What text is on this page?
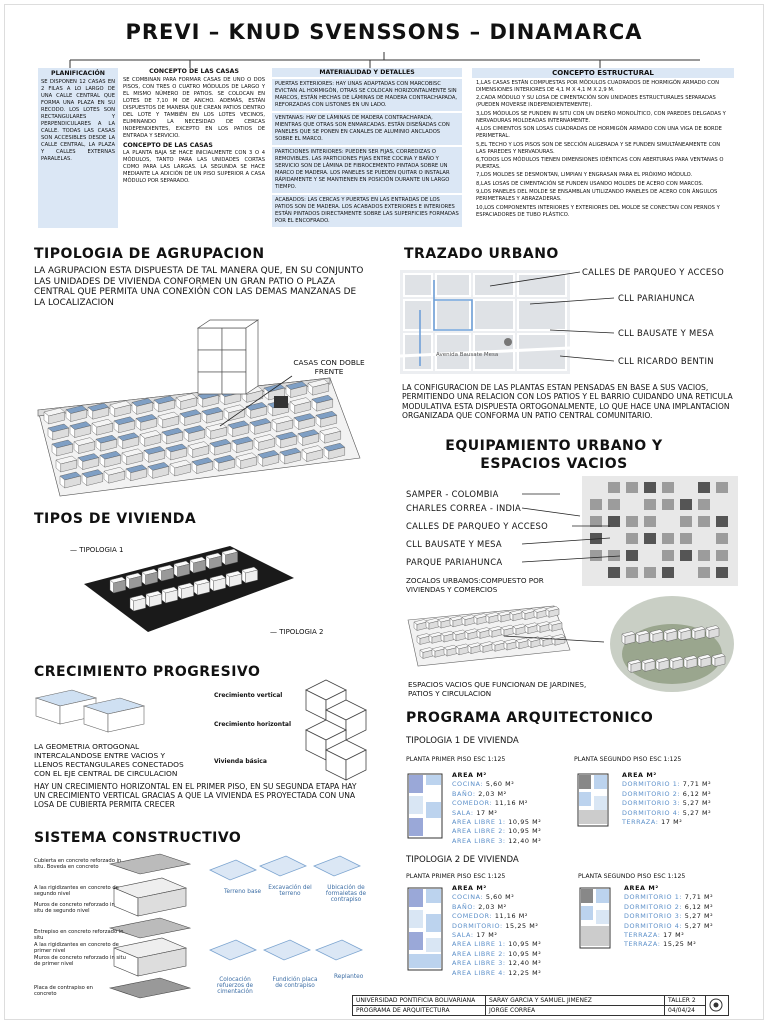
PREVI – KNUD SVENSSONS – DINAMARCA
PLANIFICACIÓN
SE DISPONEN 12 CASAS EN 2 FILAS A LO LARGO DE UNA CALLE CENTRAL QUE FORMA UNA PLAZA EN SU RECODO. LOS LOTES SON RECTANGULARES Y PERPENDICULARES A LA CALLE. TODAS LAS CASAS SON ACCESIBLES DESDE LA CALLE CENTRAL, LA PLAZA Y CALLES EXTERNAS PARALELAS.
CONCEPTO DE LAS CASAS
SE COMBINAN PARA FORMAR CASAS DE UNO O DOS PISOS, CON TRES O CUATRO MÓDULOS DE LARGO Y EL MISMO NÚMERO DE PATIOS. SE COLOCAN EN LOTES DE 7,10 M DE ANCHO. ADEMÁS, ESTÁN DISPUESTOS DE MANERA QUE CREAN PATIOS DENTRO DEL LOTE Y TAMBIÉN EN LOS LOTES VECINOS, ELIMINANDO LA NECESIDAD DE CERCAS INDEPENDIENTES, EXCEPTO EN LOS PATIOS DE ENTRADA Y SERVICIO.
CONCEPTO DE LAS CASAS
LA PLANTA BAJA SE HACE INICIALMENTE CON 3 O 4 MÓDULOS, TANTO PARA LAS UNIDADES CORTAS COMO PARA LAS LARGAS. LA SEGUNDA SE HACE MEDIANTE LA ADICIÓN DE UN PISO SUPERIOR A CASA MÓDULO POR SEPARADO.
MATERIALIDAD Y DETALLES
PUERTAS EXTERIORES: HAY UNAS ADAPTADAS CON MARCOBISC EVICTAN AL HORMIGÓN, OTRAS SE COLOCAN HORIZONTALMENTE SIN MARCOS, ESTÁN HECHAS DE LÁMINAS DE MADERA CONTRACHAPADA, REFORZADAS CON LISTONES EN UN LADO.
VENTANAS: HAY DE LÁMINAS DE MADERA CONTRACHAPADA, MIENTRAS QUE OTRAS SON ENMARCADAS. ESTÁN DISEÑADAS CON PANELES QUE SE PONEN EN CANALES DE ALUMINIO ANCLADOS SOBRE EL MARCO.
PARTICIONES INTERIORES: PUEDEN SER FIJAS, CORREDIZAS O REMOVIBLES. LAS PARTICIONES FIJAS ENTRE COCINA Y BAÑO Y SERVICIO SON DE LÁMINA DE FIBROCEMENTO PINTADA SOBRE UN MARCO DE MADERA. LOS PANELES SE PUEDEN QUITAR O INSTALAR RÁPIDAMENTE Y SE MANTIENEN EN POSICIÓN DURANTE UN LARGO TIEMPO.
ACABADOS: LAS CERCAS Y PUERTAS EN LAS ENTRADAS DE LOS PATIOS SON DE MADERA. LOS ACABADOS EXTERIORES E INTERIORES ESTÁN PINTADOS DIRECTAMENTE SOBRE LAS SUPERFICIES FORMADAS POR EL ENCOFRADO.
CONCEPTO ESTRUCTURAL
1,LAS CASAS ESTÁN COMPUESTAS POR MÓDULOS CUADRADOS DE HORMIGÓN ARMADO CON DIMENSIONES INTERIORES DE 4,1 M X 4,1 M X 2,9 M.
2,CADA MÓDULO Y SU LOSA DE CIMENTACIÓN SON UNIDADES ESTRUCTURALES SEPARADAS (PUEDEN MOVERSE INDEPENDIENTEMENTE).
3,LOS MÓDULOS SE FUNDEN IN SITU CON UN DISEÑO MONOLÍTICO, CON PAREDES DELGADAS Y NERVADURAS MOLDEADAS INTERNAMENTE.
4,LOS CIMIENTOS SON LOSAS CUADRADAS DE HORMIGÓN ARMADO CON UNA VIGA DE BORDE PERIMETRAL.
5,EL TECHO Y LOS PISOS SON DE SECCIÓN ALIGERADA Y SE FUNDEN SIMULTÁNEAMENTE CON LAS PAREDES Y NERVADURAS.
6,TODOS LOS MÓDULOS TIENEN DIMENSIONES IDÉNTICAS CON ABERTURAS PARA VENTANAS O PUERTAS.
7,LOS MOLDES SE DESMONTAN, LIMPIAN Y ENGRASAN PARA EL PRÓXIMO MÓDULO.
8,LAS LOSAS DE CIMENTACIÓN SE FUNDEN USANDO MOLDES DE ACERO CON MARCOS.
9,LOS PANELES DEL MOLDE SE ENSAMBLAN UTILIZANDO PANELES DE ACERO CON ÁNGULOS PERIMETRALES Y ABRAZADERAS.
10,LOS COMPONENTES INTERIORES Y EXTERIORES DEL MOLDE SE CONECTAN CON PERNOS Y ESPACIADORES DE TUBO PLÁSTICO.
TIPOLOGIA DE AGRUPACION
LA AGRUPACION ESTA DISPUESTA DE TAL MANERA QUE, EN SU CONJUNTO LAS UNIDADES DE VIVIENDA CONFORMEN UN GRAN PATIO O PLAZA CENTRAL QUE PERMITA UNA CONEXIÓN CON LAS DEMAS MANZANAS DE LA LOCALIZACION
CASAS CON DOBLE FRENTE
TRAZADO URBANO
Avenida Bausate Mesa
CALLES DE PARQUEO Y ACCESO
CLL PARIAHUNCA
CLL BAUSATE Y MESA
CLL RICARDO BENTIN
LA CONFIGURACION DE LAS PLANTAS ESTAN PENSADAS EN BASE A SUS VACIOS, PERMITIENDO UNA RELACION CON LOS PATIOS Y EL BARRIO CUIDANDO UNA RETICULA MODULATIVA ESTA DISPUESTA ORTOGONALMENTE, LO QUE HACE UNA IMPLANTACION ORGANIZADA QUE CONFORMA UN PATIO CENTRAL COMUNITARIO.
EQUIPAMIENTO URBANO Y ESPACIOS VACIOS
SAMPER - COLOMBIA
CHARLES CORREA - INDIA
CALLES DE PARQUEO Y ACCESO
CLL BAUSATE Y MESA
PARQUE PARIAHUNCA
ZOCALOS URBANOS:COMPUESTO POR VIVIENDAS Y COMERCIOS
ESPACIOS VACIOS QUE FUNCIONAN DE JARDINES, PATIOS Y CIRCULACION
TIPOS DE VIVIENDA
— TIPOLOGIA 1
— TIPOLOGIA 2
CRECIMIENTO PROGRESIVO
Crecimiento vertical
Crecimiento horizontal
Vivienda básica
LA GEOMETRIA ORTOGONAL INTERCALANDOSE ENTRE VACIOS Y LLENOS RECTANGULARES CONECTADOS CON EL EJE CENTRAL DE CIRCULACION
HAY UN CRECIMIENTO HORIZONTAL EN EL PRIMER PISO, EN SU SEGUNDA ETAPA HAY UN CRECIMIENTO VERTICAL GRACIAS A QUE LA VIVIENDA ES PROYECTADA CON UNA LOSA DE CUBIERTA PERMITA CRECER
SISTEMA CONSTRUCTIVO
Cubierta en concreto reforzado in situ. Boveda en concreto
A las rigidizantes en concreto de segundo nivel
Muros de concreto reforzado in situ de segundo nivel
Entrepiso en concreto reforzado in situ
A las rigidizantes en concreto de primer nivel
Muros de concreto reforzado in situ de primer nivel
Placa de contrapiso en concreto
Terreno base
Excavación del terreno
Ubicación de formaletas de contrapiso
Colocación refuerzos de cimentación
Fundición placa de contrapiso
Replanteo
PROGRAMA ARQUITECTONICO
TIPOLOGIA 1 DE VIVIENDA
PLANTA PRIMER PISO ESC 1:125	PLANTA SEGUNDO PISO ESC 1:125
AREA M²
COCINA: 5,60 M²
BAÑO: 2,03 M²
COMEDOR: 11,16 M²
SALA: 17 M²
AREA LIBRE 1: 10,95 M²
AREA LIBRE 2: 10,95 M²
AREA LIBRE 3: 12,40 M²
AREA M²
DORMITORIO 1: 7,71 M²
DORMITORIO 2: 6,12 M²
DORMITORIO 3: 5,27 M²
DORMITORIO 4: 5,27 M²
TERRAZA: 17 M²
TIPOLOGIA 2 DE VIVIENDA
PLANTA PRIMER PISO ESC 1:125	PLANTA SEGUNDO PISO ESC 1:125
AREA M²
COCINA: 5,60 M²
BAÑO: 2,03 M²
COMEDOR: 11,16 M²
DORMITORIO: 15,25 M²
SALA: 17 M²
AREA LIBRE 1: 10,95 M²
AREA LIBRE 2: 10,95 M²
AREA LIBRE 3: 12,40 M²
AREA LIBRE 4: 12,25 M²
AREA M²
DORMITORIO 1: 7,71 M²
DORMITORIO 2: 6,12 M²
DORMITORIO 3: 5,27 M²
DORMITORIO 4: 5,27 M²
TERRAZA: 17 M²
TERRAZA: 15,25 M²
UNIVERSIDAD PONTIFICIA BOLIVARIANA	SARAY GARCIA Y SAMUEL JIMENEZ	TALLER 2	
PROGRAMA DE ARQUITECTURA	JORGE CORREA	04/04/24	
